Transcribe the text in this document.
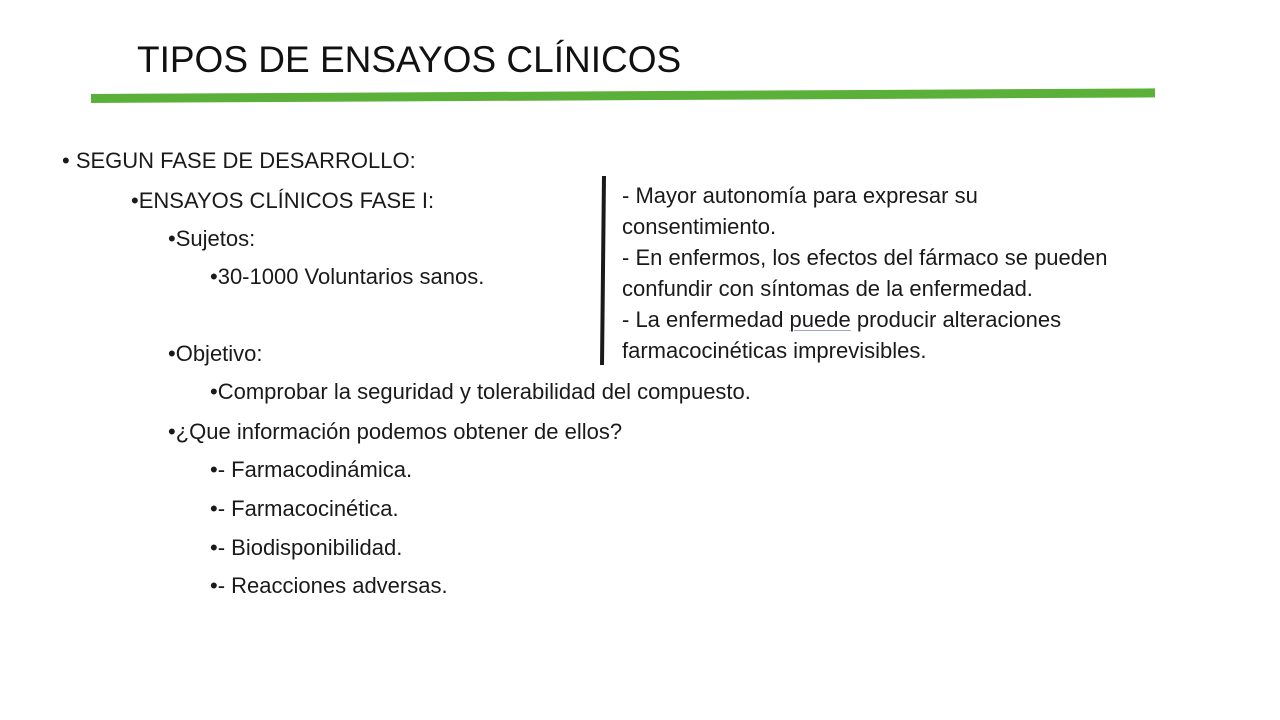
TIPOS DE ENSAYOS CLÍNICOS
• SEGUN FASE DE DESARROLLO:
•ENSAYOS CLÍNICOS FASE I:
•Sujetos:
•30-1000 Voluntarios sanos.
•Objetivo:
•Comprobar la seguridad y tolerabilidad del compuesto.
•¿Que información podemos obtener de ellos?
•- Farmacodinámica.
•- Farmacocinética.
•- Biodisponibilidad.
•- Reacciones adversas.
- Mayor autonomía para expresar su
consentimiento.
- En enfermos, los efectos del fármaco se pueden
confundir con síntomas de la enfermedad.
- La enfermedad puede producir alteraciones
farmacocinéticas imprevisibles.
